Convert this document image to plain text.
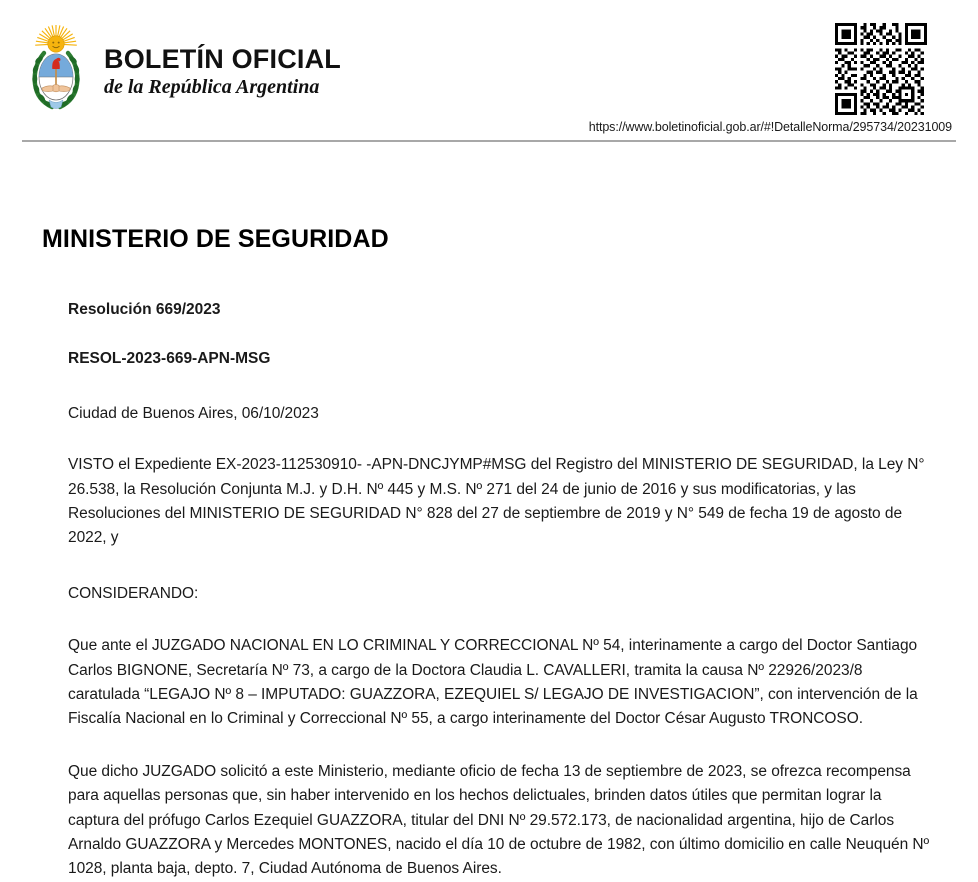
BOLETÍN OFICIAL
de la República Argentina
https://www.boletinoficial.gob.ar/#!DetalleNorma/295734/20231009
MINISTERIO DE SEGURIDAD
Resolución 669/2023
RESOL-2023-669-APN-MSG

Ciudad de Buenos Aires, 06/10/2023

VISTO el Expediente EX-2023-112530910- -APN-DNCJYMP#MSG del Registro del MINISTERIO DE SEGURIDAD, la Ley N° 26.538, la Resolución Conjunta M.J. y D.H. Nº 445 y M.S. Nº 271 del 24 de junio de 2016 y sus modificatorias, y las Resoluciones del MINISTERIO DE SEGURIDAD N° 828 del 27 de septiembre de 2019 y N° 549 de fecha 19 de agosto de 2022, y

CONSIDERANDO:

Que ante el JUZGADO NACIONAL EN LO CRIMINAL Y CORRECCIONAL Nº 54, interinamente a cargo del Doctor Santiago Carlos BIGNONE, Secretaría Nº 73, a cargo de la Doctora Claudia L. CAVALLERI, tramita la causa Nº 22926/2023/8 caratulada “LEGAJO Nº 8 – IMPUTADO: GUAZZORA, EZEQUIEL S/ LEGAJO DE INVESTIGACION”, con intervención de la Fiscalía Nacional en lo Criminal y Correccional Nº 55, a cargo interinamente del Doctor César Augusto TRONCOSO.

Que dicho JUZGADO solicitó a este Ministerio, mediante oficio de fecha 13 de septiembre de 2023, se ofrezca recompensa para aquellas personas que, sin haber intervenido en los hechos delictuales, brinden datos útiles que permitan lograr la captura del prófugo Carlos Ezequiel GUAZZORA, titular del DNI Nº 29.572.173, de nacionalidad argentina, hijo de Carlos Arnaldo GUAZZORA y Mercedes MONTONES, nacido el día 10 de octubre de 1982, con último domicilio en calle Neuquén Nº 1028, planta baja, depto. 7, Ciudad Autónoma de Buenos Aires.
